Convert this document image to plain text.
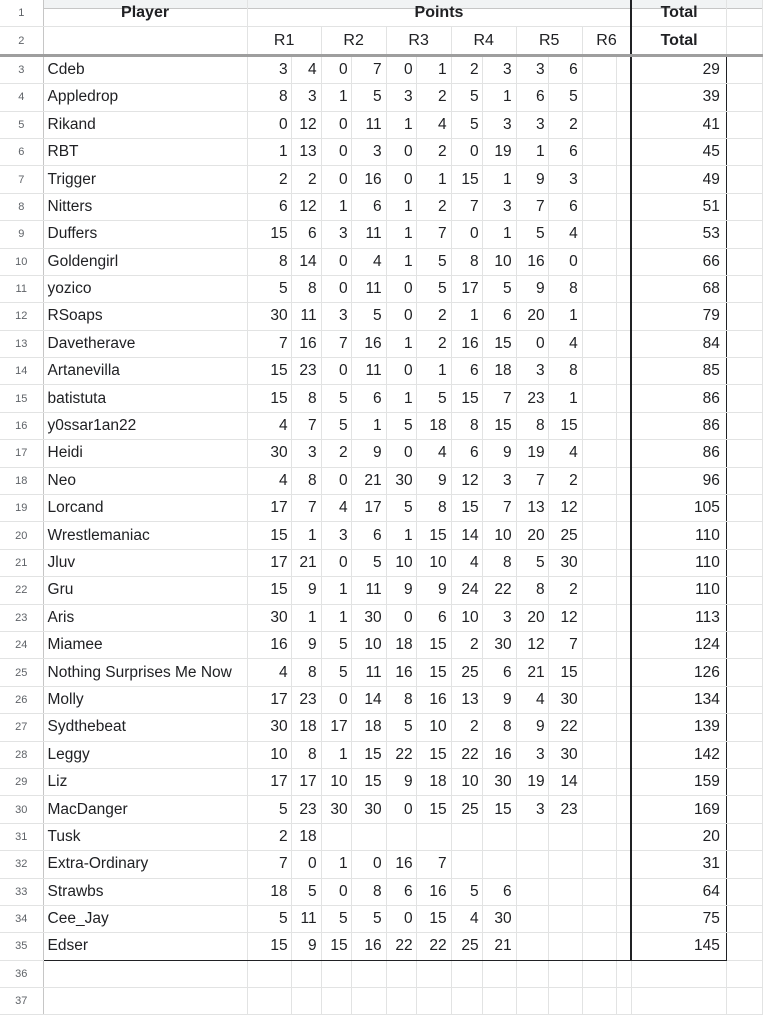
1	Player	Points												Total	
2		R1		R2		R3		R4		R5		R6		Total	
3	Cdeb	3	4	0	7	0	1	2	3	3	6			29	
4	Appledrop	8	3	1	5	3	2	5	1	6	5			39	
5	Rikand	0	12	0	11	1	4	5	3	3	2			41	
6	RBT	1	13	0	3	0	2	0	19	1	6			45	
7	Trigger	2	2	0	16	0	1	15	1	9	3			49	
8	Nitters	6	12	1	6	1	2	7	3	7	6			51	
9	Duffers	15	6	3	11	1	7	0	1	5	4			53	
10	Goldengirl	8	14	0	4	1	5	8	10	16	0			66	
11	yozico	5	8	0	11	0	5	17	5	9	8			68	
12	RSoaps	30	11	3	5	0	2	1	6	20	1			79	
13	Davetherave	7	16	7	16	1	2	16	15	0	4			84	
14	Artanevilla	15	23	0	11	0	1	6	18	3	8			85	
15	batistuta	15	8	5	6	1	5	15	7	23	1			86	
16	y0ssar1an22	4	7	5	1	5	18	8	15	8	15			86	
17	Heidi	30	3	2	9	0	4	6	9	19	4			86	
18	Neo	4	8	0	21	30	9	12	3	7	2			96	
19	Lorcand	17	7	4	17	5	8	15	7	13	12			105	
20	Wrestlemaniac	15	1	3	6	1	15	14	10	20	25			110	
21	Jluv	17	21	0	5	10	10	4	8	5	30			110	
22	Gru	15	9	1	11	9	9	24	22	8	2			110	
23	Aris	30	1	1	30	0	6	10	3	20	12			113	
24	Miamee	16	9	5	10	18	15	2	30	12	7			124	
25	Nothing Surprises Me Now	4	8	5	11	16	15	25	6	21	15			126	
26	Molly	17	23	0	14	8	16	13	9	4	30			134	
27	Sydthebeat	30	18	17	18	5	10	2	8	9	22			139	
28	Leggy	10	8	1	15	22	15	22	16	3	30			142	
29	Liz	17	17	10	15	9	18	10	30	19	14			159	
30	MacDanger	5	23	30	30	0	15	25	15	3	23			169	
31	Tusk	2	18											20	
32	Extra-Ordinary	7	0	1	0	16	7							31	
33	Strawbs	18	5	0	8	6	16	5	6					64	
34	Cee_Jay	5	11	5	5	0	15	4	30					75	
35	Edser	15	9	15	16	22	22	25	21					145	
36															
37															
